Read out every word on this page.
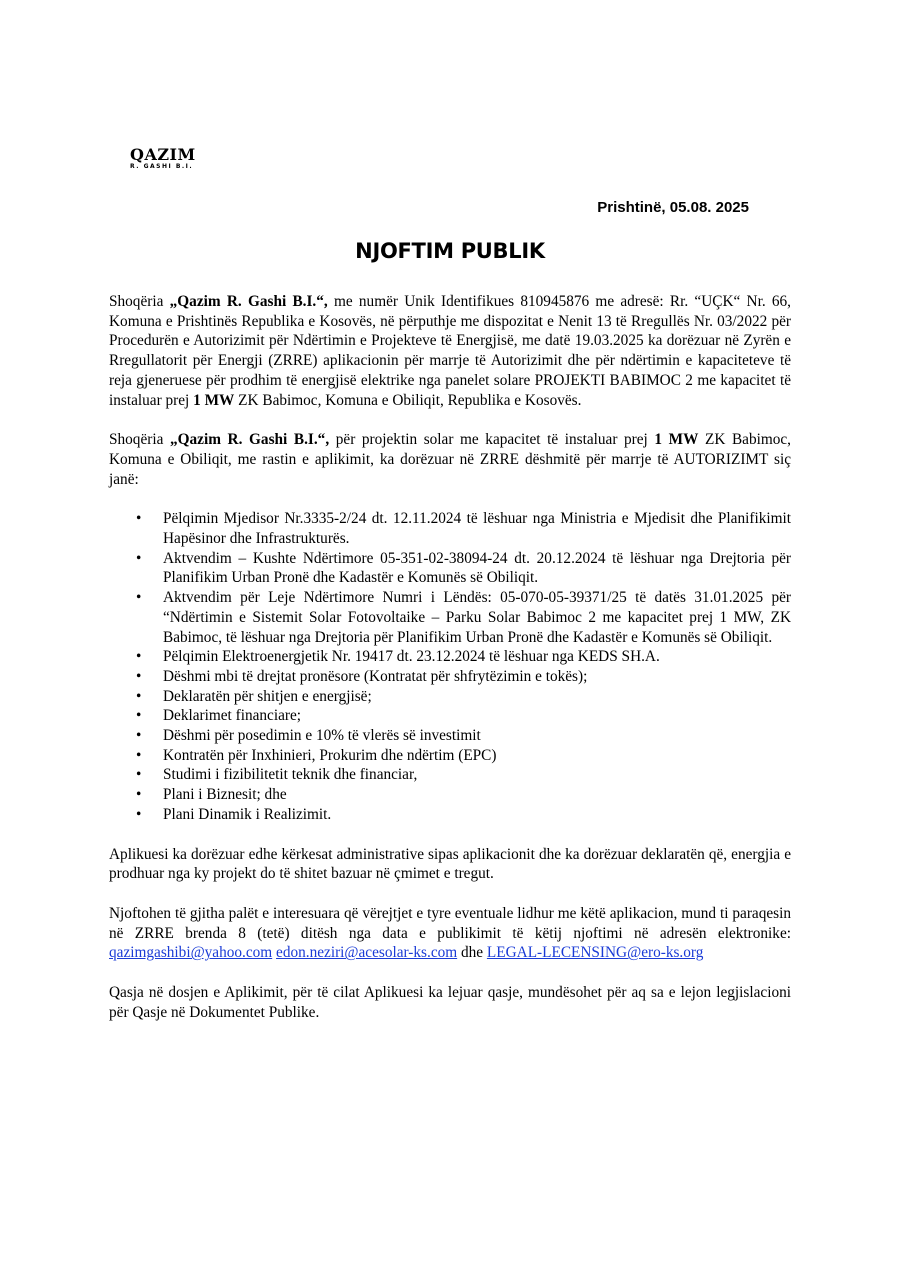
QAZIM
R. GASHI B.I.
Prishtinë, 05.08. 2025
NJOFTIM PUBLIK

Shoqëria „Qazim R. Gashi B.I.“, me numër Unik Identifikues 810945876 me adresë: Rr. “UÇK“ Nr. 66, Komuna e Prishtinës Republika e Kosovës, në përputhje me dispozitat e Nenit 13 të Rregullës Nr. 03/2022 për Procedurën e Autorizimit për Ndërtimin e Projekteve të Energjisë, me datë 19.03.2025 ka dorëzuar në Zyrën e Rregullatorit për Energji (ZRRE) aplikacionin për marrje të Autorizimit dhe për ndërtimin e kapaciteteve të reja gjeneruese për prodhim të energjisë elektrike nga panelet solare PROJEKTI BABIMOC 2 me kapacitet të instaluar prej 1 MW ZK Babimoc, Komuna e Obiliqit, Republika e Kosovës.

Shoqëria „Qazim R. Gashi B.I.“, për projektin solar me kapacitet të instaluar prej 1 MW ZK Babimoc, Komuna e Obiliqit, me rastin e aplikimit, ka dorëzuar në ZRRE dëshmitë për marrje të AUTORIZIMT siç janë:

• Pëlqimin Mjedisor Nr.3335-2/24 dt. 12.11.2024 të lëshuar nga Ministria e Mjedisit dhe Planifikimit Hapësinor dhe Infrastrukturës.
• Aktvendim – Kushte Ndërtimore 05-351-02-38094-24 dt. 20.12.2024 të lëshuar nga Drejtoria për Planifikim Urban Pronë dhe Kadastër e Komunës së Obiliqit.
• Aktvendim për Leje Ndërtimore Numri i Lëndës: 05-070-05-39371/25 të datës 31.01.2025 për “Ndërtimin e Sistemit Solar Fotovoltaike – Parku Solar Babimoc 2 me kapacitet prej 1 MW, ZK Babimoc, të lëshuar nga Drejtoria për Planifikim Urban Pronë dhe Kadastër e Komunës së Obiliqit.
• Pëlqimin Elektroenergjetik Nr. 19417 dt. 23.12.2024 të lëshuar nga KEDS SH.A.
• Dëshmi mbi të drejtat pronësore (Kontratat për shfrytëzimin e tokës);
• Deklaratën për shitjen e energjisë;
• Deklarimet financiare;
• Dëshmi për posedimin e 10% të vlerës së investimit
• Kontratën për Inxhinieri, Prokurim dhe ndërtim (EPC)
• Studimi i fizibilitetit teknik dhe financiar,
• Plani i Biznesit; dhe
• Plani Dinamik i Realizimit.

Aplikuesi ka dorëzuar edhe kërkesat administrative sipas aplikacionit dhe ka dorëzuar deklaratën që, energjia e prodhuar nga ky projekt do të shitet bazuar në çmimet e tregut.

Njoftohen të gjitha palët e interesuara që vërejtjet e tyre eventuale lidhur me këtë aplikacion, mund ti paraqesin në ZRRE brenda 8 (tetë) ditësh nga data e publikimit të këtij njoftimi në adresën elektronike: qazimgashibi@yahoo.com edon.neziri@acesolar-ks.com dhe LEGAL-LECENSING@ero-ks.org

Qasja në dosjen e Aplikimit, për të cilat Aplikuesi ka lejuar qasje, mundësohet për aq sa e lejon legjislacioni për Qasje në Dokumentet Publike.
